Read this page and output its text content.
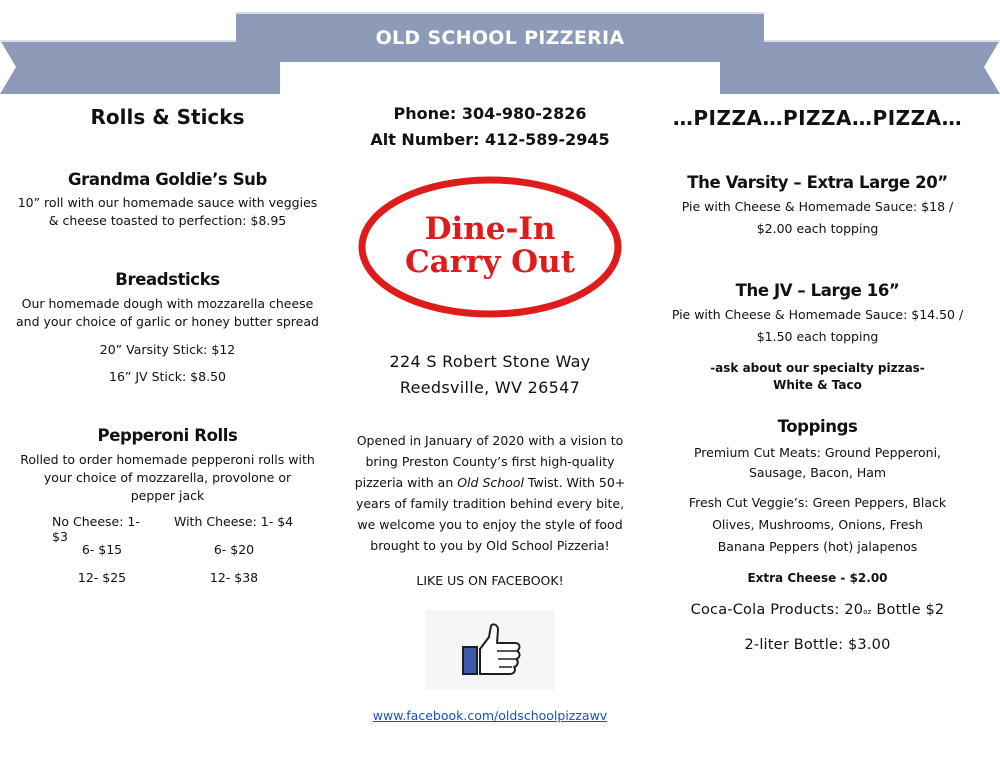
OLD SCHOOL PIZZERIA

Rolls & Sticks

Grandma Goldie’s Sub

10” roll with our homemade sauce with veggies

& cheese toasted to perfection: $8.95

Breadsticks

Our homemade dough with mozzarella cheese

and your choice of garlic or honey butter spread

20” Varsity Stick: $12

16” JV Stick: $8.50

Pepperoni Rolls

Rolled to order homemade pepperoni rolls with

your choice of mozzarella, provolone or

pepper jack

No Cheese: 1- $3
With Cheese: 1- $4
6- $15	6- $20
12- $25	12- $38

Phone: 304-980-2826

Alt Number: 412-589-2945

Dine-In
Carry Out

224 S Robert Stone Way

Reedsville, WV 26547

Opened in January of 2020 with a vision to

bring Preston County’s first high-quality

pizzeria with an Old School Twist. With 50+

years of family tradition behind every bite,

we welcome you to enjoy the style of food

brought to you by Old School Pizzeria!

LIKE US ON FACEBOOK!

www.facebook.com/oldschoolpizzawv

…PIZZA…PIZZA…PIZZA…

The Varsity – Extra Large 20”

Pie with Cheese & Homemade Sauce: $18 /

$2.00 each topping

The JV – Large 16”

Pie with Cheese & Homemade Sauce: $14.50 /

$1.50 each topping

-ask about our specialty pizzas-

White & Taco

Toppings

Premium Cut Meats: Ground Pepperoni,

Sausage, Bacon, Ham

Fresh Cut Veggie’s: Green Peppers, Black

Olives, Mushrooms, Onions, Fresh

Banana Peppers (hot) jalapenos

Extra Cheese - $2.00

Coca-Cola Products: 20oz Bottle $2

2-liter Bottle: $3.00
